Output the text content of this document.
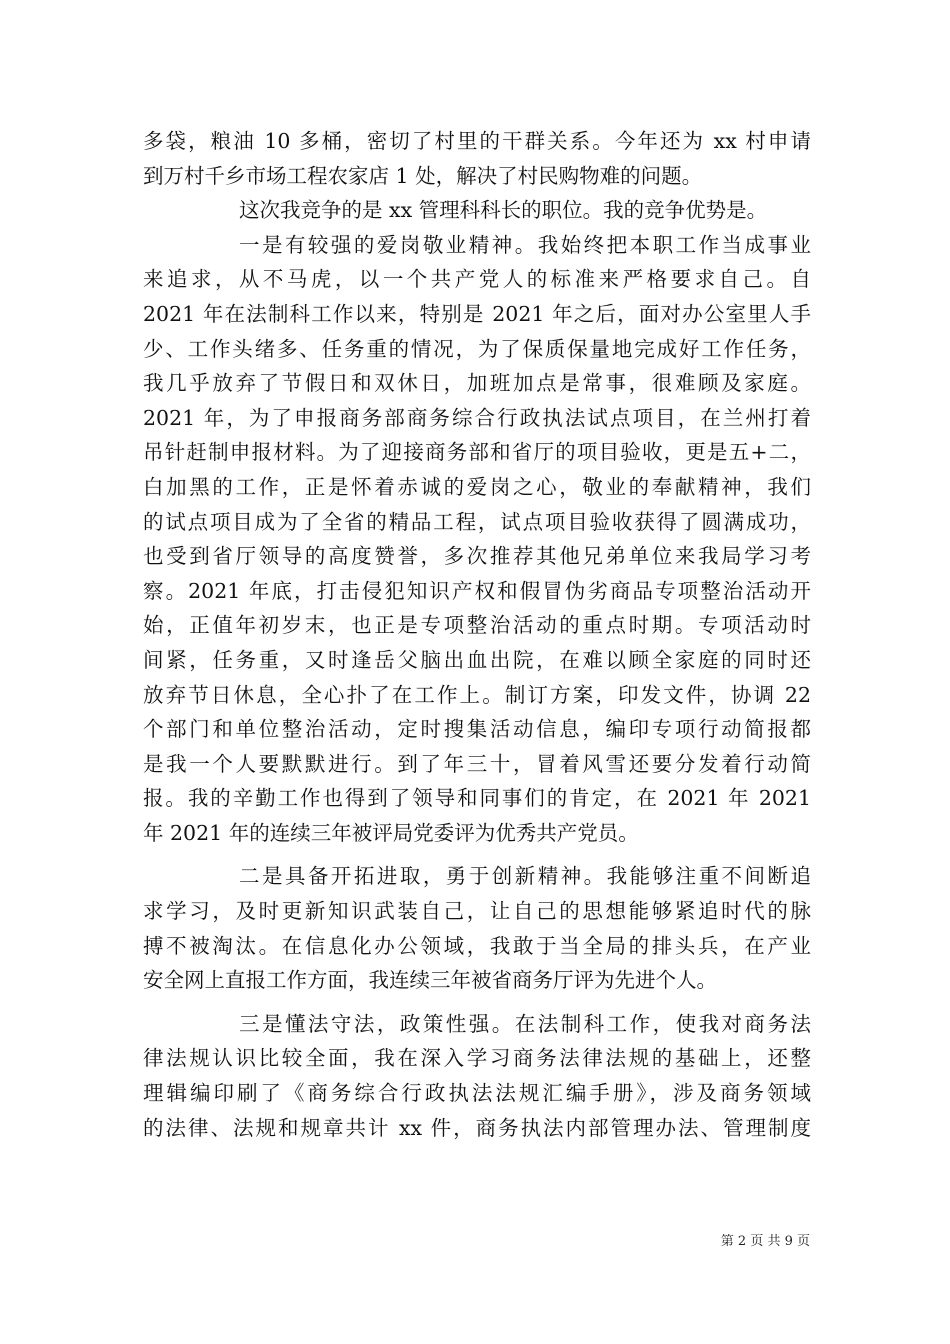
多袋，粮油 10 多桶，密切了村里的干群关系。今年还为 xx 村申请
到万村千乡市场工程农家店 1 处，解决了村民购物难的问题。
这次我竞争的是 xx 管理科科长的职位。我的竞争优势是。
一是有较强的爱岗敬业精神。我始终把本职工作当成事业
来追求，从不马虎，以一个共产党人的标准来严格要求自己。自
2021 年在法制科工作以来，特别是 2021 年之后，面对办公室里人手
少、工作头绪多、任务重的情况，为了保质保量地完成好工作任务，
我几乎放弃了节假日和双休日，加班加点是常事，很难顾及家庭。
2021 年，为了申报商务部商务综合行政执法试点项目，在兰州打着
吊针赶制申报材料。为了迎接商务部和省厅的项目验收，更是五+二，
白加黑的工作，正是怀着赤诚的爱岗之心，敬业的奉献精神，我们
的试点项目成为了全省的精品工程，试点项目验收获得了圆满成功，
也受到省厅领导的高度赞誉，多次推荐其他兄弟单位来我局学习考
察。2021 年底，打击侵犯知识产权和假冒伪劣商品专项整治活动开
始，正值年初岁末，也正是专项整治活动的重点时期。专项活动时
间紧，任务重，又时逢岳父脑出血出院，在难以顾全家庭的同时还
放弃节日休息，全心扑了在工作上。制订方案，印发文件，协调 22
个部门和单位整治活动，定时搜集活动信息，编印专项行动简报都
是我一个人要默默进行。到了年三十，冒着风雪还要分发着行动简
报。我的辛勤工作也得到了领导和同事们的肯定，在 2021 年 2021
年 2021 年的连续三年被评局党委评为优秀共产党员。
二是具备开拓进取，勇于创新精神。我能够注重不间断追
求学习，及时更新知识武装自己，让自己的思想能够紧追时代的脉
搏不被淘汰。在信息化办公领域，我敢于当全局的排头兵，在产业
安全网上直报工作方面，我连续三年被省商务厅评为先进个人。
三是懂法守法，政策性强。在法制科工作，使我对商务法
律法规认识比较全面，我在深入学习商务法律法规的基础上，还整
理辑编印刷了《商务综合行政执法法规汇编手册》，涉及商务领域
的法律、法规和规章共计 xx 件，商务执法内部管理办法、管理制度
第 2 页 共 9 页
